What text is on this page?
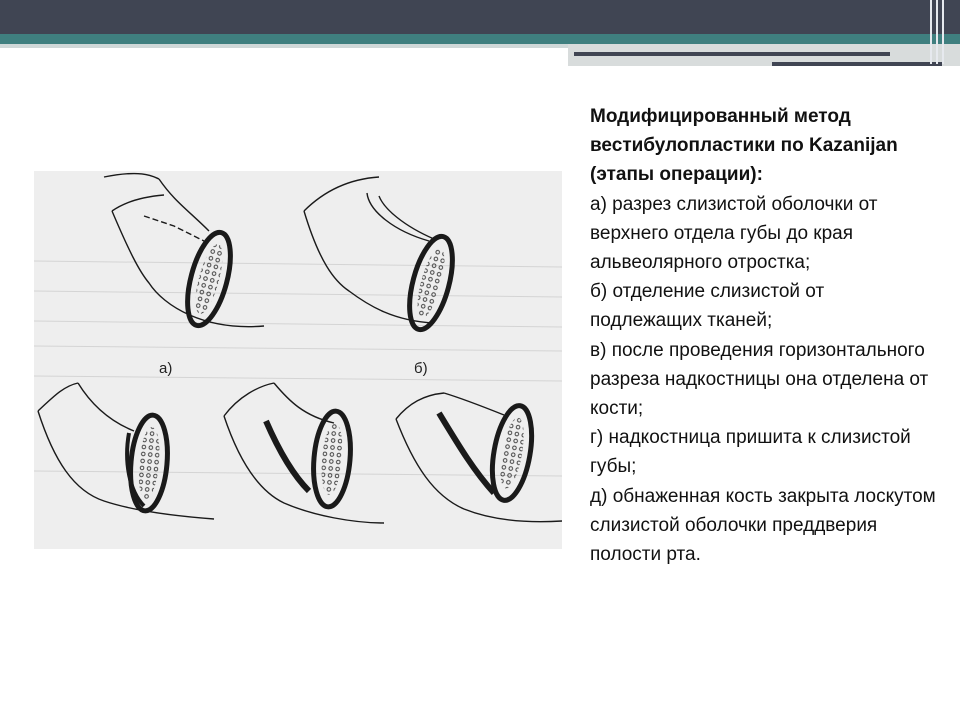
а)	б)

Модифицированный метод вестибулопластики по Kazanijan (этапы операции):

а) разрез слизистой оболочки от верхнего отдела губы до края альвеолярного отростка;

б) отделение слизистой от подлежащих тканей;

в) после проведения горизонтального разреза надкостницы она отделена от кости;

г) надкостница пришита к слизистой губы;

д) обнаженная кость закрыта лоскутом слизистой оболочки преддверия полости рта.
